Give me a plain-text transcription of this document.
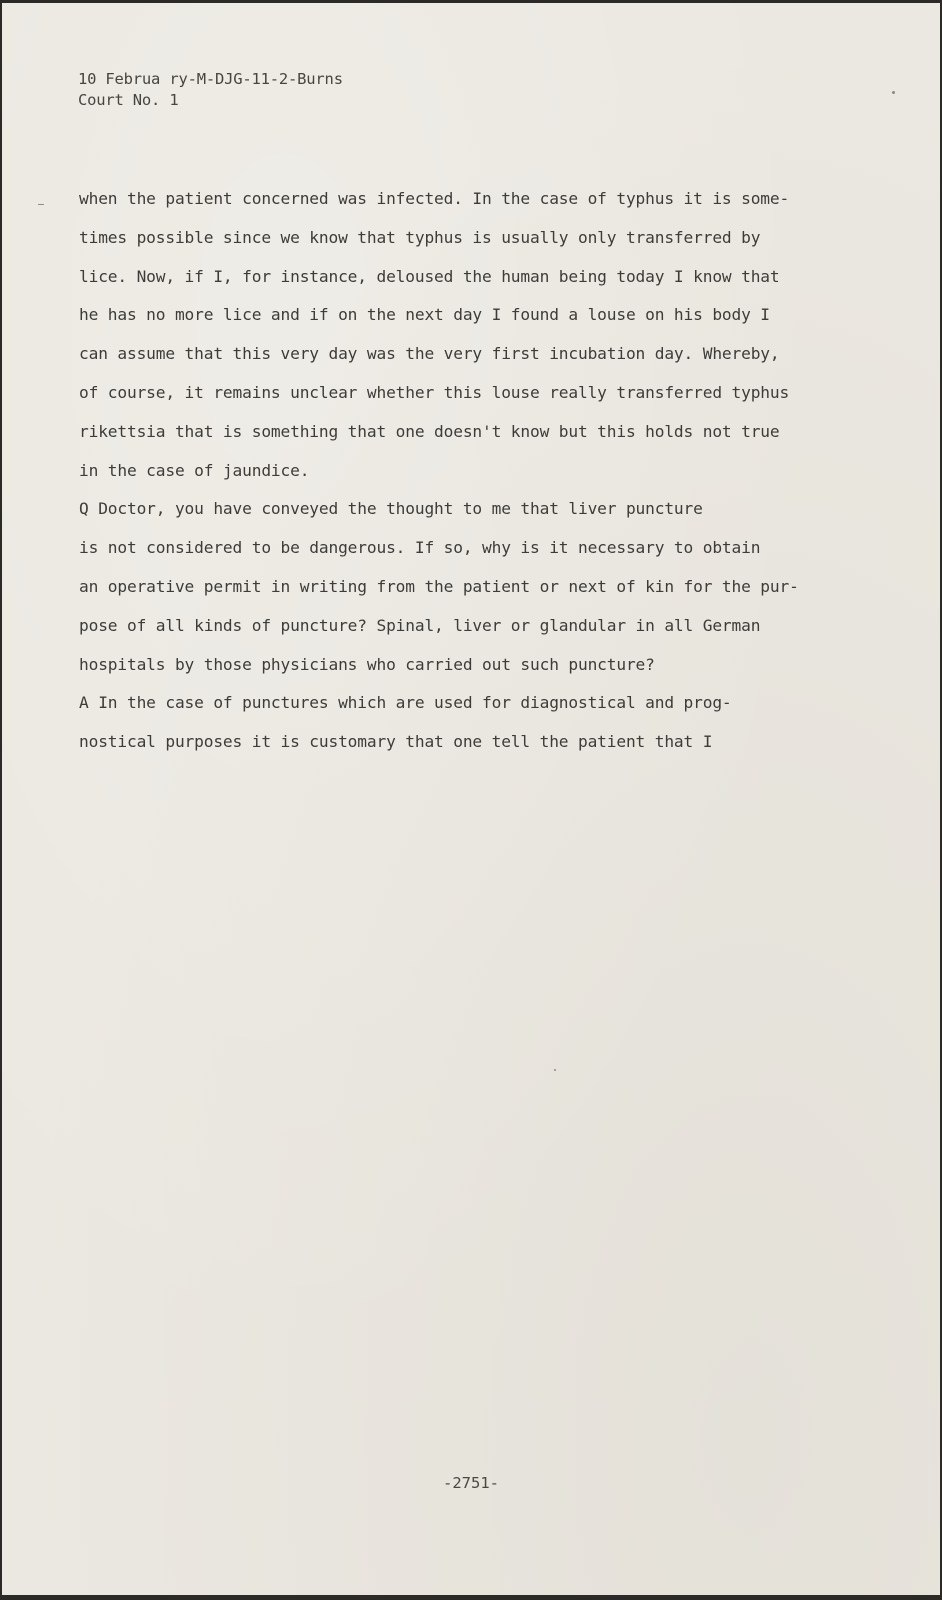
10 Februa ry-M-DJG-11-2-Burns
Court No. 1
when the patient concerned was infected. In the case of typhus it is some-
times possible since we know that typhus is usually only transferred by
lice. Now, if I, for instance, deloused the human being today I know that
he has no more lice and if on the next day I found a louse on his body I
can assume that this very day was the very first incubation day. Whereby,
of course, it remains unclear whether this louse really transferred typhus
rikettsia that is something that one doesn't know but this holds not true
in the case of jaundice.
Q Doctor, you have conveyed the thought to me that liver puncture
is not considered to be dangerous. If so, why is it necessary to obtain
an operative permit in writing from the patient or next of kin for the pur-
pose of all kinds of puncture? Spinal, liver or glandular in all German
hospitals by those physicians who carried out such puncture?
A In the case of punctures which are used for diagnostical and prog-
nostical purposes it is customary that one tell the patient that I
-2751-
